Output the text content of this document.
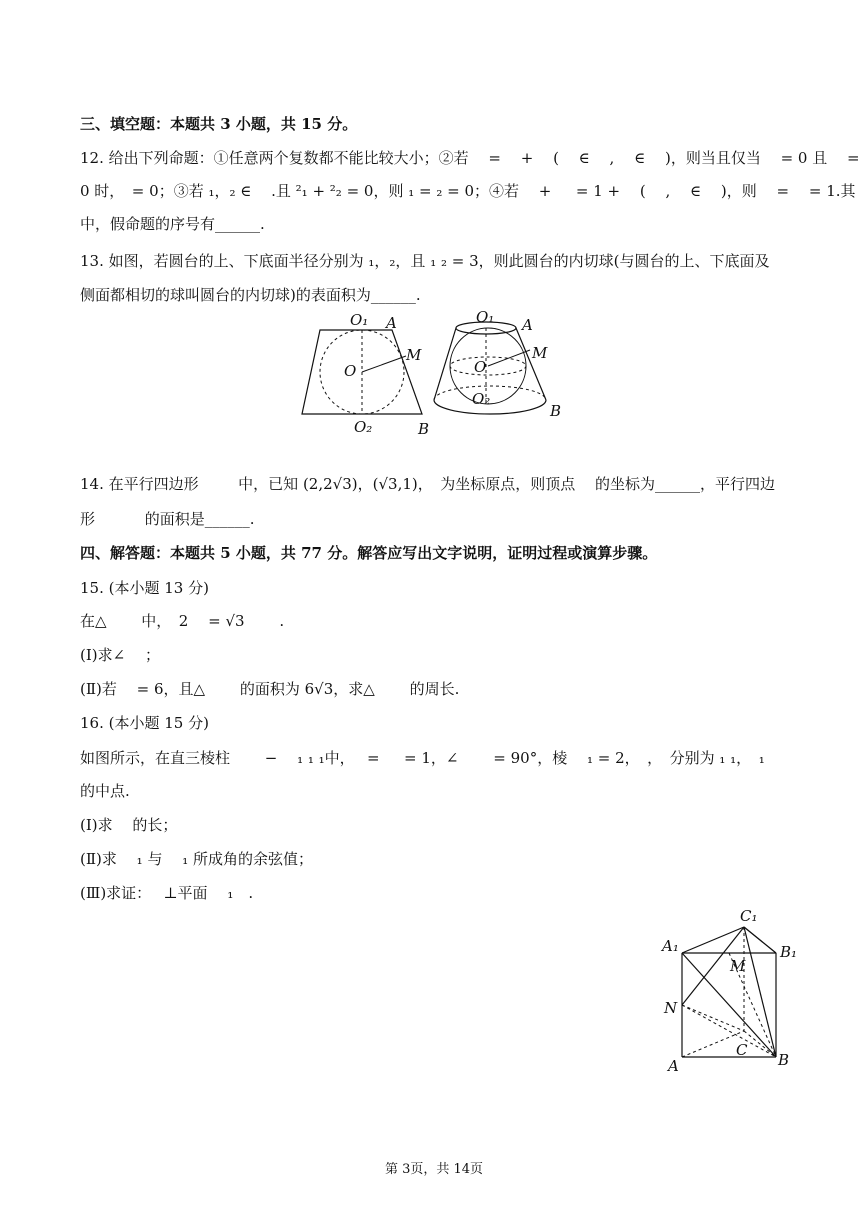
三、填空题：本题共 3 小题，共 15 分。
12. 给出下列命题：①任意两个复数都不能比较大小；②若 　=　 + 　( 　∈ 　, 　∈ 　)，则当且仅当 　= 0 且 　=
0 时，　= 0；③若 ₁，₂ ∈ 　.且 ²₁ + ²₂ = 0，则 ₁ = ₂ = 0；④若 　+ 　 = 1 + 　( 　, 　∈ 　)，则 　= 　= 1.其
中，假命题的序号有______.
13. 如图，若圆台的上、下底面半径分别为 ₁，₂，且 ₁ ₂ = 3，则此圆台的内切球(与圆台的上、下底面及
侧面都相切的球叫圆台的内切球)的表面积为______.
O₁ A
M
O
O₂	B
O₁ A
M
O
O₂
B
14. 在平行四边形 　　 中，已知 (2,2√3)，(√3,1)，　为坐标原点，则顶点 　的坐标为______，平行四边
形 　　　的面积是______.
四、解答题：本题共 5 小题，共 77 分。解答应写出文字说明，证明过程或演算步骤。
15. (本小题 13 分)
在△ 　　中，　2 　= √3 　　.
(Ⅰ)求∠ 　；
(Ⅱ)若 　= 6，且△ 　　的面积为 6√3，求△ 　　的周长.
16. (本小题 15 分)
如图所示，在直三棱柱 　　− 　₁ ₁ ₁中，　 = 　 = 1，∠ 　　= 90°，棱 　₁ = 2，　，　分别为 ₁ ₁，　₁
的中点.
(Ⅰ)求 　的长；
(Ⅱ)求 　₁ 与 　₁ 所成角的余弦值；
(Ⅲ)求证：　 ⊥平面 　₁　.
C₁
A₁	B₁
M
N
C
A	B
第 3页，共 14页
